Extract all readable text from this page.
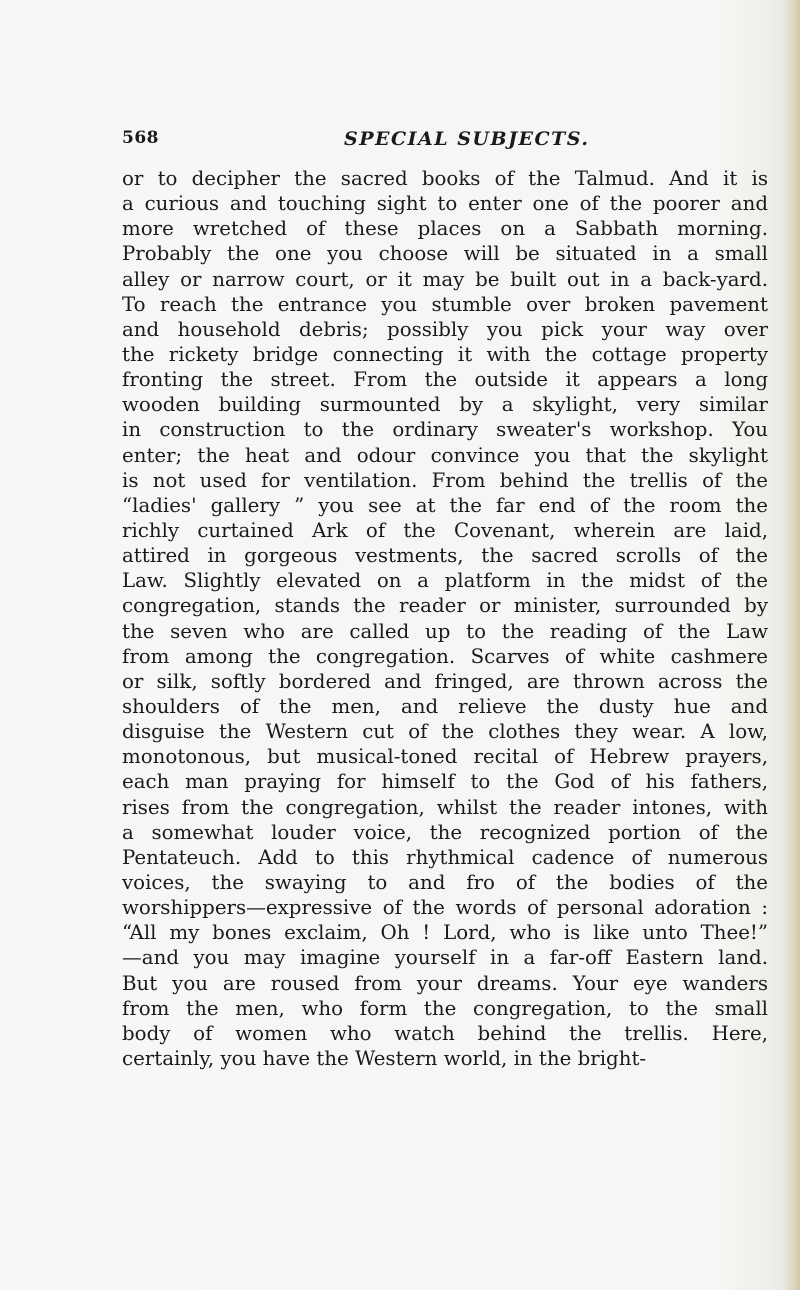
568	SPECIAL SUBJECTS.
or to decipher the sacred books of the Talmud. And it is
a curious and touching sight to enter one of the poorer and
more wretched of these places on a Sabbath morning.
Probably the one you choose will be situated in a small
alley or narrow court, or it may be built out in a back-yard.
To reach the entrance you stumble over broken pavement
and household debris; possibly you pick your way over
the rickety bridge connecting it with the cottage property
fronting the street. From the outside it appears a long
wooden building surmounted by a skylight, very similar
in construction to the ordinary sweater's workshop. You
enter; the heat and odour convince you that the skylight
is not used for ventilation. From behind the trellis of the
“ladies' gallery ” you see at the far end of the room the
richly curtained Ark of the Covenant, wherein are laid,
attired in gorgeous vestments, the sacred scrolls of the
Law. Slightly elevated on a platform in the midst of the
congregation, stands the reader or minister, surrounded by
the seven who are called up to the reading of the Law
from among the congregation. Scarves of white cashmere
or silk, softly bordered and fringed, are thrown across the
shoulders of the men, and relieve the dusty hue and
disguise the Western cut of the clothes they wear. A low,
monotonous, but musical-toned recital of Hebrew prayers,
each man praying for himself to the God of his fathers,
rises from the congregation, whilst the reader intones, with
a somewhat louder voice, the recognized portion of the
Pentateuch. Add to this rhythmical cadence of numerous
voices, the swaying to and fro of the bodies of the
worshippers—expressive of the words of personal adoration :
“All my bones exclaim, Oh ! Lord, who is like unto Thee!”
—and you may imagine yourself in a far-off Eastern land.
But you are roused from your dreams. Your eye wanders
from the men, who form the congregation, to the small
body of women who watch behind the trellis. Here,
certainly, you have the Western world, in the bright-
